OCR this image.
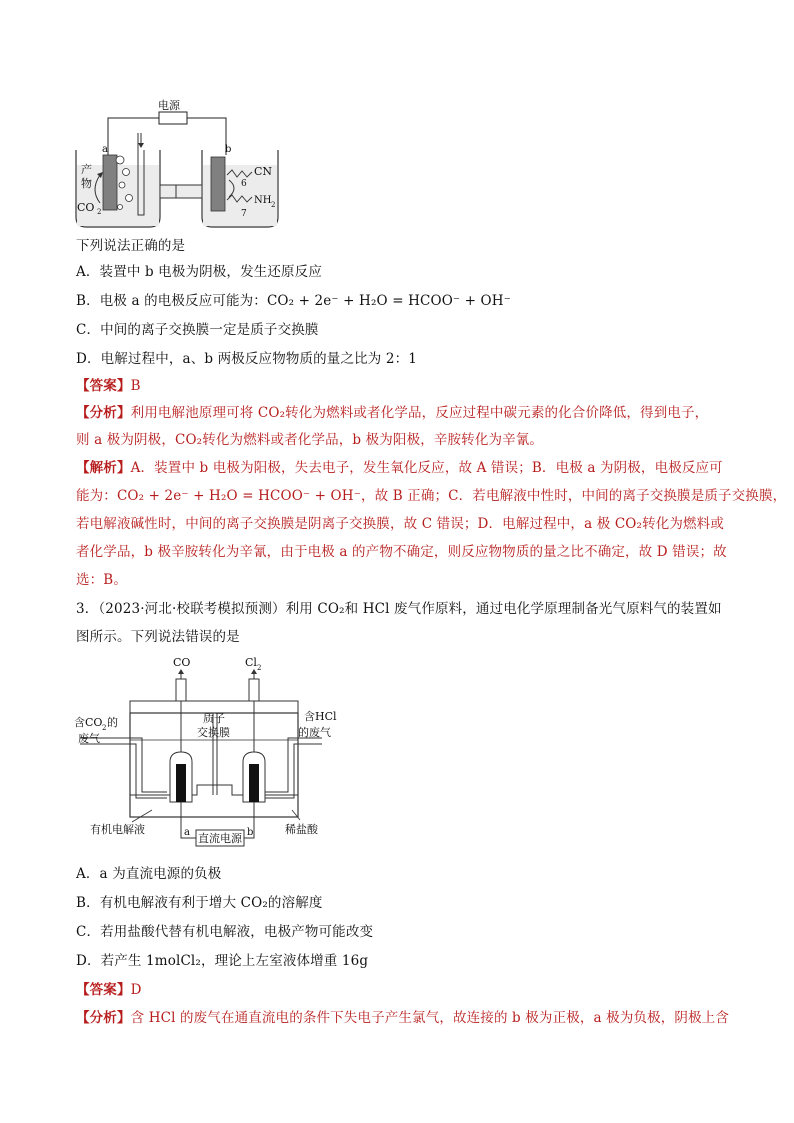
电源
a
产
物
CO 2
b
CN
6
NH 2
7
下列说法正确的是
A．装置中 b 电极为阴极，发生还原反应
B．电极 a 的电极反应可能为：CO₂ + 2e⁻ + H₂O = HCOO⁻ + OH⁻
C．中间的离子交换膜一定是质子交换膜
D．电解过程中，a、b 两极反应物物质的量之比为 2：1
【答案】B
【分析】利用电解池原理可将 CO₂转化为燃料或者化学品，反应过程中碳元素的化合价降低，得到电子，
则 a 极为阴极，CO₂转化为燃料或者化学品，b 极为阳极，辛胺转化为辛氰。
【解析】A．装置中 b 电极为阳极，失去电子，发生氧化反应，故 A 错误；B．电极 a 为阴极，电极反应可
能为：CO₂ + 2e⁻ + H₂O = HCOO⁻ + OH⁻，故 B 正确；C．若电解液中性时，中间的离子交换膜是质子交换膜，
若电解液碱性时，中间的离子交换膜是阴离子交换膜，故 C 错误；D．电解过程中，a 极 CO₂转化为燃料或
者化学品，b 极辛胺转化为辛氰，由于电极 a 的产物不确定，则反应物物质的量之比不确定，故 D 错误；故
选：B。
3．（2023·河北·校联考模拟预测）利用 CO₂和 HCl 废气作原料，通过电化学原理制备光气原料气的装置如
图所示。下列说法错误的是
CO	Cl 2
质子
交换膜
含CO 2 的
废气
含HCl
的废气
有机电解液	稀盐酸
直流电源
a	b
A．a 为直流电源的负极
B．有机电解液有利于增大 CO₂的溶解度
C．若用盐酸代替有机电解液，电极产物可能改变
D．若产生 1molCl₂，理论上左室液体增重 16g
【答案】D
【分析】含 HCl 的废气在通直流电的条件下失电子产生氯气，故连接的 b 极为正极，a 极为负极，阴极上含
